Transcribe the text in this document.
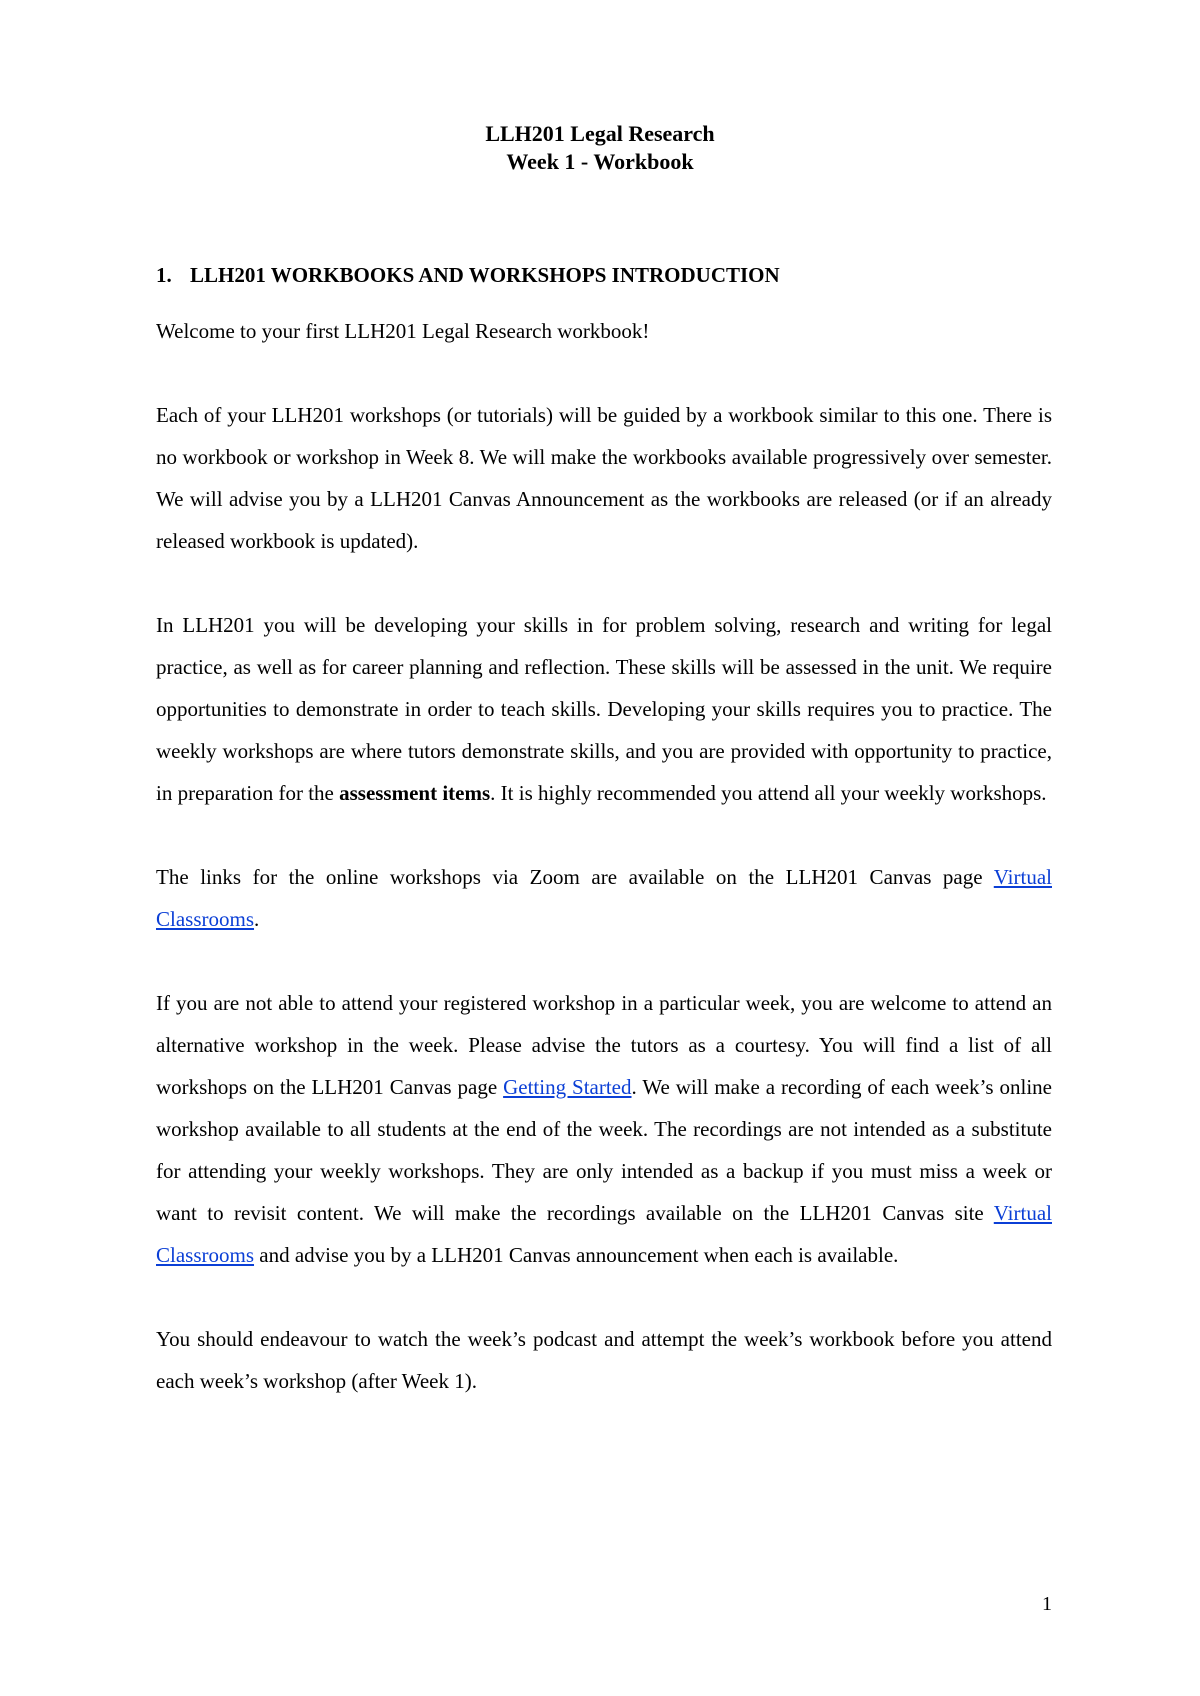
LLH201 Legal Research
Week 1 - Workbook
1. LLH201 WORKBOOKS AND WORKSHOPS INTRODUCTION

Welcome to your first LLH201 Legal Research workbook!

Each of your LLH201 workshops (or tutorials) will be guided by a workbook similar to this one. There is no workbook or workshop in Week 8. We will make the workbooks available progressively over semester. We will advise you by a LLH201 Canvas Announcement as the workbooks are released (or if an already released workbook is updated).

In LLH201 you will be developing your skills in for problem solving, research and writing for legal practice, as well as for career planning and reflection. These skills will be assessed in the unit. We require opportunities to demonstrate in order to teach skills. Developing your skills requires you to practice. The weekly workshops are where tutors demonstrate skills, and you are provided with opportunity to practice, in preparation for the assessment items. It is highly recommended you attend all your weekly workshops.

The links for the online workshops via Zoom are available on the LLH201 Canvas page Virtual Classrooms.

If you are not able to attend your registered workshop in a particular week, you are welcome to attend an alternative workshop in the week. Please advise the tutors as a courtesy. You will find a list of all workshops on the LLH201 Canvas page Getting Started. We will make a recording of each week’s online workshop available to all students at the end of the week. The recordings are not intended as a substitute for attending your weekly workshops. They are only intended as a backup if you must miss a week or want to revisit content. We will make the recordings available on the LLH201 Canvas site Virtual Classrooms and advise you by a LLH201 Canvas announcement when each is available.

You should endeavour to watch the week’s podcast and attempt the week’s workbook before you attend each week’s workshop (after Week 1).

1
